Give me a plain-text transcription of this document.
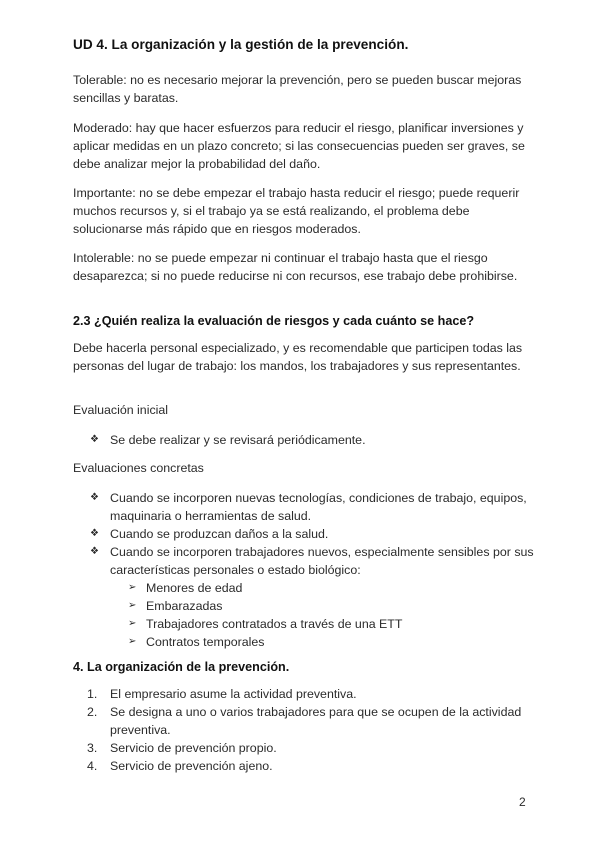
UD 4. La organización y la gestión de la prevención.

Tolerable: no es necesario mejorar la prevención, pero se pueden buscar mejoras sencillas y baratas.

Moderado: hay que hacer esfuerzos para reducir el riesgo, planificar inversiones y aplicar medidas en un plazo concreto; si las consecuencias pueden ser graves, se debe analizar mejor la probabilidad del daño.

Importante: no se debe empezar el trabajo hasta reducir el riesgo; puede requerir muchos recursos y, si el trabajo ya se está realizando, el problema debe solucionarse más rápido que en riesgos moderados.

Intolerable: no se puede empezar ni continuar el trabajo hasta que el riesgo desaparezca; si no puede reducirse ni con recursos, ese trabajo debe prohibirse.

2.3 ¿Quién realiza la evaluación de riesgos y cada cuánto se hace?

Debe hacerla personal especializado, y es recomendable que participen todas las personas del lugar de trabajo: los mandos, los trabajadores y sus representantes.

Evaluación inicial

❖ Se debe realizar y se revisará periódicamente.

Evaluaciones concretas

❖ Cuando se incorporen nuevas tecnologías, condiciones de trabajo, equipos, maquinaria o herramientas de salud.
❖ Cuando se produzcan daños a la salud.
❖ Cuando se incorporen trabajadores nuevos, especialmente sensibles por sus características personales o estado biológico:
➢ Menores de edad
➢ Embarazadas
➢ Trabajadores contratados a través de una ETT
➢ Contratos temporales
4. La organización de la prevención.
1. El empresario asume la actividad preventiva.
2. Se designa a uno o varios trabajadores para que se ocupen de la actividad preventiva.
3. Servicio de prevención propio.
4. Servicio de prevención ajeno.
2
